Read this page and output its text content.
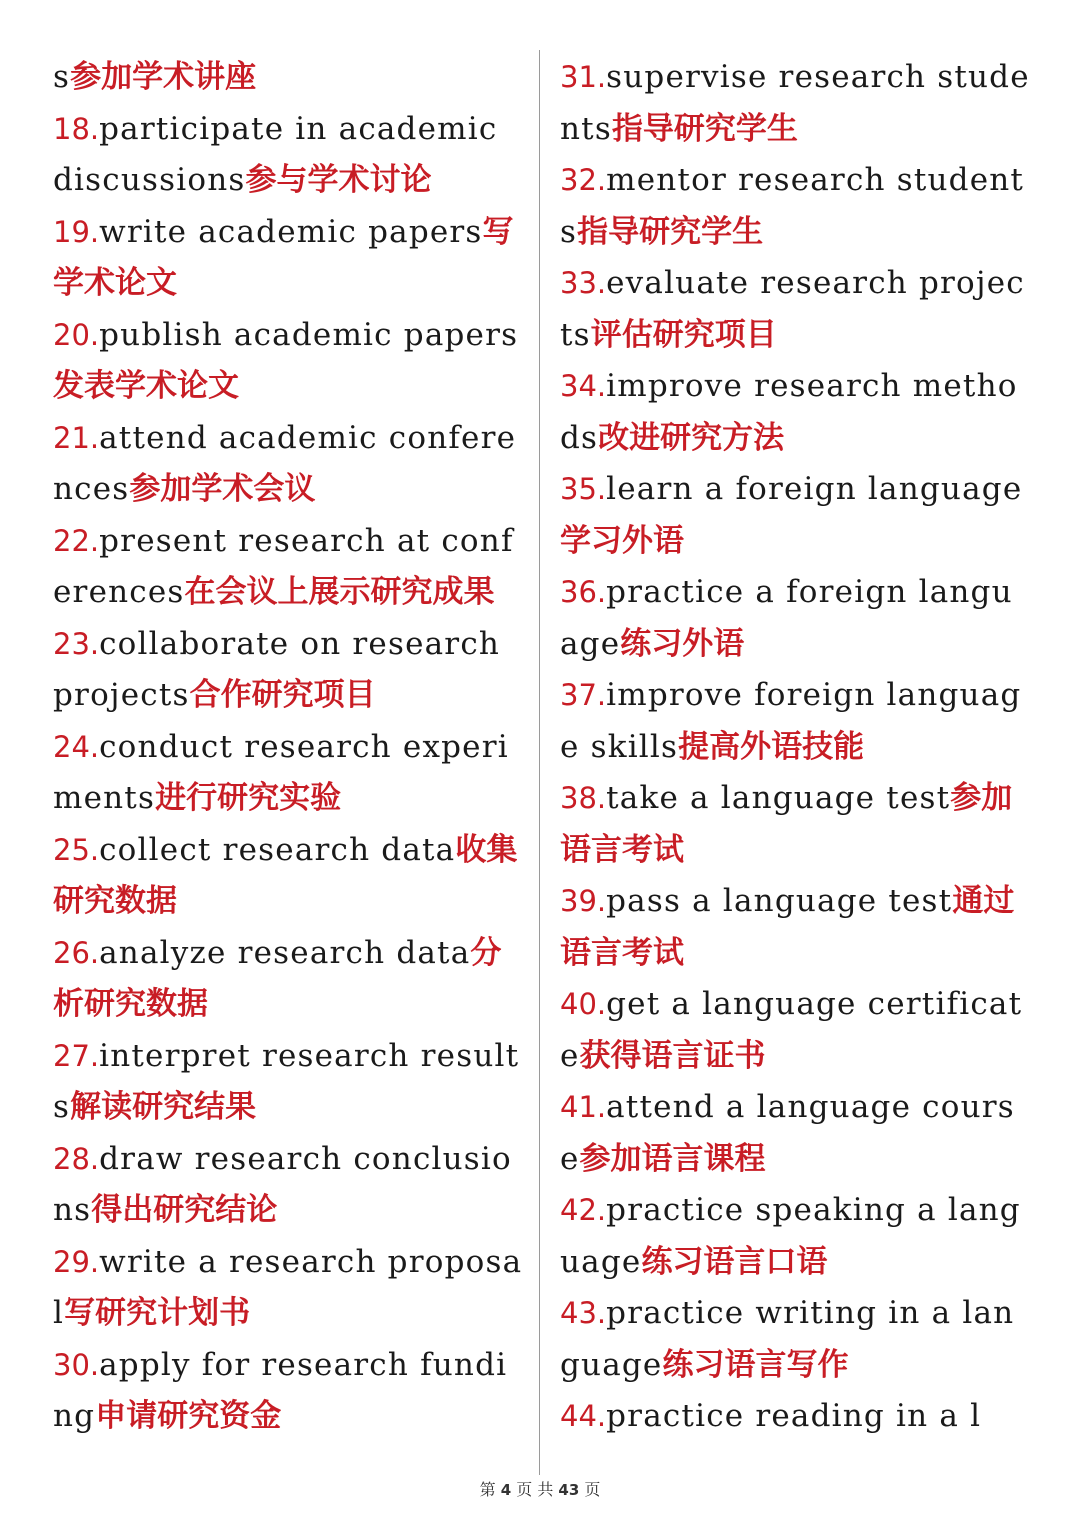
s参加学术讲座
18.participate in academic discussions参与学术讨论
19.write academic papers写学术论文
20.publish academic papers发表学术论文
21.attend academic conferences参加学术会议
22.present research at conferences在会议上展示研究成果
23.collaborate on research projects合作研究项目
24.conduct research experiments进行研究实验
25.collect research data收集研究数据
26.analyze research data分析研究数据
27.interpret research results解读研究结果
28.draw research conclusions得出研究结论
29.write a research proposal写研究计划书
30.apply for research funding申请研究资金
31.supervise research students指导研究学生
32.mentor research students指导研究学生
33.evaluate research projects评估研究项目
34.improve research methods改进研究方法
35.learn a foreign language学习外语
36.practice a foreign language练习外语
37.improve foreign language skills提高外语技能
38.take a language test参加语言考试
39.pass a language test通过语言考试
40.get a language certificate获得语言证书
41.attend a language course参加语言课程
42.practice speaking a language练习语言口语
43.practice writing in a language练习语言写作
44.practice reading in a l
第 4 页 共 43 页
